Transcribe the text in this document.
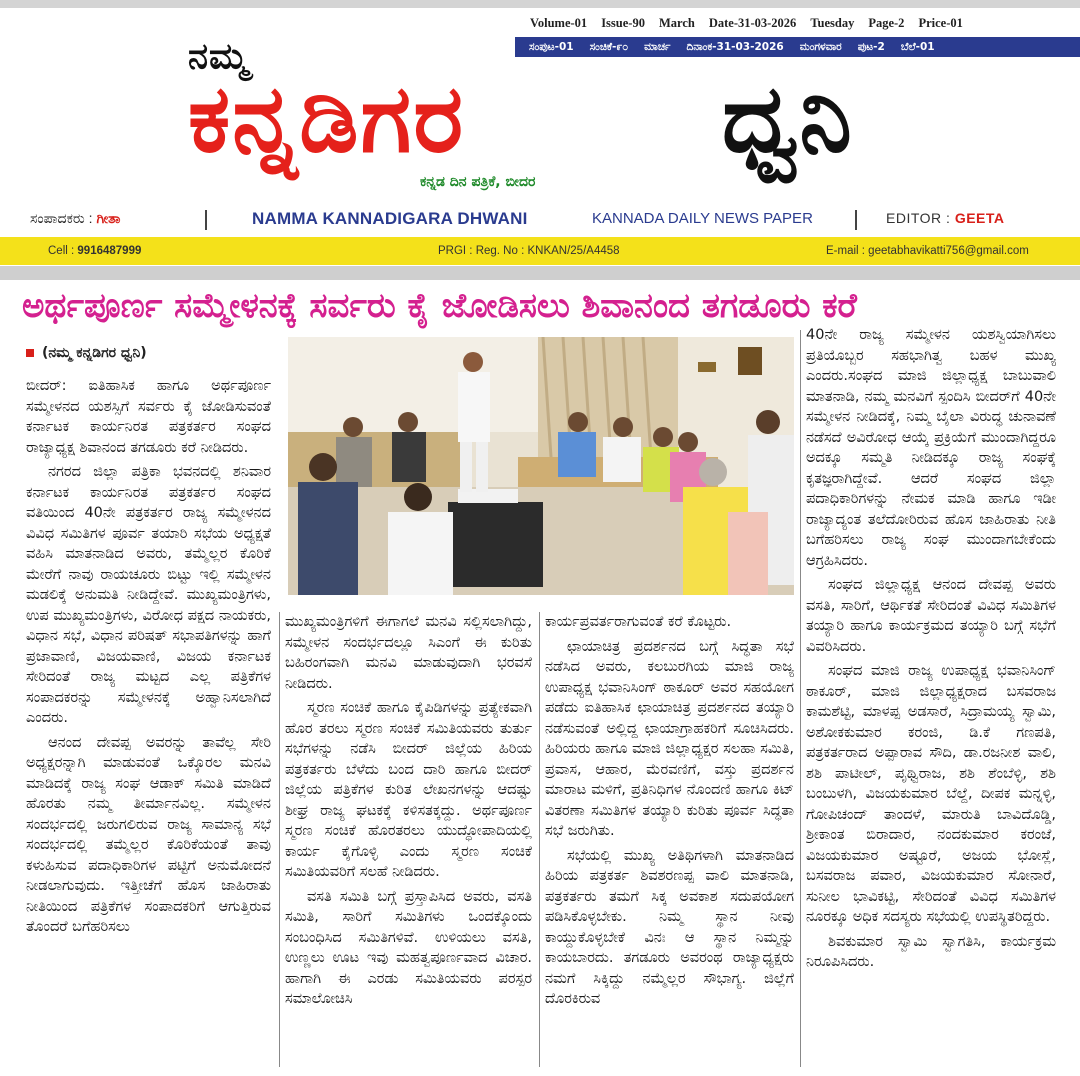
Volume-01 Issue-90 March Date-31-03-2026 Tuesday Page-2 Price-01
ಸಂಪುಟ-01 ಸಂಚಿಕೆ-೯೦ ಮಾರ್ಚ ದಿನಾಂಕ-31-03-2026 ಮಂಗಳವಾರ ಪುಟ-2 ಬೆಲೆ-01
ನಮ್ಮ
ಕನ್ನಡಿಗರ	ಧ್ವನಿ
ಕನ್ನಡ ದಿನ ಪತ್ರಿಕೆ, ಬೀದರ
ಸಂಪಾದಕರು : ಗೀತಾ	NAMMA KANNADIGARA DHWANI	KANNADA DAILY NEWS PAPER	EDITOR : GEETA
Cell : 9916487999	PRGI : Reg. No : KNKAN/25/A4458	E-mail : geetabhavikatti756@gmail.com
ಅರ್ಥಪೂರ್ಣ ಸಮ್ಮೇಳನಕ್ಕೆ ಸರ್ವರು ಕೈ ಜೋಡಿಸಲು ಶಿವಾನಂದ ತಗಡೂರು ಕರೆ
(ನಮ್ಮ ಕನ್ನಡಿಗರ ಧ್ವನಿ)

ಬೀದರ್: ಐತಿಹಾಸಿಕ ಹಾಗೂ ಅರ್ಥಪೂರ್ಣ ಸಮ್ಮೇಳನದ ಯಶಸ್ಸಿಗೆ ಸರ್ವರು ಕೈ ಜೋಡಿಸುವಂತೆ ಕರ್ನಾಟಕ ಕಾರ್ಯನಿರತ ಪತ್ರಕರ್ತರ ಸಂಘದ ರಾಜ್ಯಾಧ್ಯಕ್ಷ ಶಿವಾನಂದ ತಗಡೂರು ಕರೆ ನೀಡಿದರು.

ನಗರದ ಜಿಲ್ಲಾ ಪತ್ರಿಕಾ ಭವನದಲ್ಲಿ ಶನಿವಾರ ಕರ್ನಾಟಕ ಕಾರ್ಯನಿರತ ಪತ್ರಕರ್ತರ ಸಂಘದ ವತಿಯಿಂದ 40ನೇ ಪತ್ರಕರ್ತರ ರಾಜ್ಯ ಸಮ್ಮೇಳನದ ವಿವಿಧ ಸಮಿತಿಗಳ ಪೂರ್ವ ತಯಾರಿ ಸಭೆಯ ಅಧ್ಯಕ್ಷತೆ ವಹಿಸಿ ಮಾತನಾಡಿದ ಅವರು, ತಮ್ಮೆಲ್ಲರ ಕೊರಿಕೆ ಮೇರೆಗೆ ನಾವು ರಾಯಚೂರು ಬಿಟ್ಟು ಇಲ್ಲಿ ಸಮ್ಮೇಳನ ಮಡಲಿಕ್ಕೆ ಅನುಮತಿ ನೀಡಿದ್ದೇವೆ. ಮುಖ್ಯಮಂತ್ರಿಗಳು, ಉಪ ಮುಖ್ಯಮಂತ್ರಿಗಳು, ವಿರೋಧ ಪಕ್ಷದ ನಾಯಕರು, ವಿಧಾನ ಸಭೆ, ವಿಧಾನ ಪರಿಷತ್ ಸಭಾಪತಿಗಳನ್ನು ಹಾಗೆ ಪ್ರಜಾವಾಣಿ, ವಿಜಯವಾಣಿ, ವಿಜಯ ಕರ್ನಾಟಕ ಸೇರಿದಂತೆ ರಾಜ್ಯ ಮಟ್ಟದ ಎಲ್ಲ ಪತ್ರಿಕೆಗಳ ಸಂಪಾದಕರನ್ನು ಸಮ್ಮೇಳನಕ್ಕೆ ಅಹ್ವಾನಿಸಲಾಗಿದೆ ಎಂದರು.

ಆನಂದ ದೇವಪ್ಪ ಅವರನ್ನು ತಾವೆಲ್ಲ ಸೇರಿ ಅಧ್ಯಕ್ಷರನ್ನಾಗಿ ಮಾಡುವಂತೆ ಒಕ್ಕೊರಲ ಮನವಿ ಮಾಡಿದಕ್ಕೆ ರಾಜ್ಯ ಸಂಘ ಆಡಾಕ್ ಸಮಿತಿ ಮಾಡಿದೆ ಹೊರತು ನಮ್ಮ ತೀರ್ಮಾನವಿಲ್ಲ. ಸಮ್ಮೇಳನ ಸಂದರ್ಭದಲ್ಲಿ ಜರುಗಲಿರುವ ರಾಜ್ಯ ಸಾಮಾನ್ಯ ಸಭೆ ಸಂದರ್ಭದಲ್ಲಿ ತಮ್ಮೆಲ್ಲರ ಕೊರಿಕೆಯಂತೆ ತಾವು ಕಳುಹಿಸುವ ಪದಾಧಿಕಾರಿಗಳ ಪಟ್ಟಿಗೆ ಅನುಮೋದನೆ ನೀಡಲಾಗುವುದು. ಇತ್ತೀಚೆಗೆ ಹೊಸ ಜಾಹಿರಾತು ನೀತಿಯಿಂದ ಪತ್ರಿಕೆಗಳ ಸಂಪಾದಕರಿಗೆ ಆಗುತ್ತಿರುವ ತೊಂದರೆ ಬಗೆಹರಿಸಲು

ಮುಖ್ಯಮಂತ್ರಿಗಳಿಗೆ ಈಗಾಗಲೆ ಮನವಿ ಸಲ್ಲಿಸಲಾಗಿದ್ದು, ಸಮ್ಮೇಳನ ಸಂದರ್ಭದಲ್ಲೂ ಸಿಎಂಗೆ ಈ ಕುರಿತು ಬಹಿರಂಗವಾಗಿ ಮನವಿ ಮಾಡುವುದಾಗಿ ಭರವಸೆ ನೀಡಿದರು.

ಸ್ಮರಣ ಸಂಚಿಕೆ ಹಾಗೂ ಕೈಪಿಡಿಗಳನ್ನು ಪ್ರತ್ಯೇಕವಾಗಿ ಹೊರ ತರಲು ಸ್ಮರಣ ಸಂಚಿಕೆ ಸಮಿತಿಯವರು ತುರ್ತು ಸಭೆಗಳನ್ನು ನಡೆಸಿ ಬೀದರ್ ಜಿಲ್ಲೆಯ ಹಿರಿಯ ಪತ್ರಕರ್ತರು ಬೆಳೆದು ಬಂದ ದಾರಿ ಹಾಗೂ ಬೀದರ್ ಜಿಲ್ಲೆಯ ಪತ್ರಿಕೆಗಳ ಕುರಿತ ಲೇಖನಗಳನ್ನು ಆದಷ್ಟು ಶೀಘ್ರ ರಾಜ್ಯ ಘಟಕಕ್ಕೆ ಕಳಿಸತಕ್ಕದ್ದು. ಅರ್ಥಪೂರ್ಣ ಸ್ಮರಣ ಸಂಚಿಕೆ ಹೊರತರಲು ಯುದ್ಧೋಪಾದಿಯಲ್ಲಿ ಕಾರ್ಯ ಕೈಗೊಳ್ಳಿ ಎಂದು ಸ್ಮರಣ ಸಂಚಿಕೆ ಸಮಿತಿಯವರಿಗೆ ಸಲಹೆ ನೀಡಿದರು.

ವಸತಿ ಸಮಿತಿ ಬಗ್ಗೆ ಪ್ರಸ್ತಾಪಿಸಿದ ಅವರು, ವಸತಿ ಸಮಿತಿ, ಸಾರಿಗೆ ಸಮಿತಿಗಳು ಒಂದಕ್ಕೊಂದು ಸಂಬಂಧಿಸಿದ ಸಮಿತಿಗಳಿವೆ. ಉಳಿಯಲು ವಸತಿ, ಉಣ್ಣಲು ಊಟ ಇವು ಮಹತ್ವಪೂರ್ಣವಾದ ವಿಚಾರ. ಹಾಗಾಗಿ ಈ ಎರಡು ಸಮಿತಿಯವರು ಪರಸ್ಪರ ಸಮಾಲೋಚಿಸಿ

ಕಾರ್ಯಪ್ರವರ್ತರಾಗುವಂತೆ ಕರೆ ಕೊಟ್ಟರು.

ಛಾಯಾಚಿತ್ರ ಪ್ರದರ್ಶನದ ಬಗ್ಗೆ ಸಿದ್ಧತಾ ಸಭೆ ನಡೆಸಿದ ಅವರು, ಕಲಬುರಗಿಯ ಮಾಜಿ ರಾಜ್ಯ ಉಪಾಧ್ಯಕ್ಷ ಭವಾನಿಸಿಂಗ್ ಠಾಕೂರ್ ಅವರ ಸಹಯೋಗ ಪಡೆದು ಐತಿಹಾಸಿಕ ಛಾಯಾಚಿತ್ರ ಪ್ರದರ್ಶನದ ತಯ್ಯಾರಿ ನಡೆಸುವಂತೆ ಅಲ್ಲಿದ್ದ ಛಾಯಾಗ್ರಾಹಕರಿಗೆ ಸೂಚಿಸಿದರು. ಹಿರಿಯರು ಹಾಗೂ ಮಾಜಿ ಜಿಲ್ಲಾಧ್ಯಕ್ಷರ ಸಲಹಾ ಸಮಿತಿ, ಪ್ರವಾಸ, ಆಹಾರ, ಮೆರವಣಿಗೆ, ವಸ್ತು ಪ್ರದರ್ಶನ ಮಾರಾಟ ಮಳಿಗೆ, ಪ್ರತಿನಿಧಿಗಳ ನೊಂದಣಿ ಹಾಗೂ ಕಿಟ್ ವಿತರಣಾ ಸಮಿತಿಗಳ ತಯ್ಯಾರಿ ಕುರಿತು ಪೂರ್ವ ಸಿದ್ಧತಾ ಸಭೆ ಜರುಗಿತು.

ಸಭೆಯಲ್ಲಿ ಮುಖ್ಯ ಅತಿಥಿಗಳಾಗಿ ಮಾತನಾಡಿದ ಹಿರಿಯ ಪತ್ರಕರ್ತ ಶಿವಶರಣಪ್ಪ ವಾಲಿ ಮಾತನಾಡಿ, ಪತ್ರಕರ್ತರು ತಮಗೆ ಸಿಕ್ಕ ಅವಕಾಶ ಸದುಪಯೋಗ ಪಡಿಸಿಕೊಳ್ಳಬೇಕು. ನಿಮ್ಮ ಸ್ಥಾನ ನೀವು ಕಾಯ್ದುಕೊಳ್ಳಬೇಕೆ ವಿನಃ ಆ ಸ್ಥಾನ ನಿಮ್ಮನ್ನು ಕಾಯಬಾರದು. ತಗಡೂರು ಅವರಂಥ ರಾಜ್ಯಾಧ್ಯಕ್ಷರು ನಮಗೆ ಸಿಕ್ಕಿದ್ದು ನಮ್ಮೆಲ್ಲರ ಸೌಭಾಗ್ಯ. ಜಿಲ್ಲೆಗೆ ದೊರಕಿರುವ

40ನೇ ರಾಜ್ಯ ಸಮ್ಮೇಳನ ಯಶಸ್ವಿಯಾಗಿಸಲು ಪ್ರತಿಯೊಬ್ಬರ ಸಹಭಾಗಿತ್ವ ಬಹಳ ಮುಖ್ಯ ಎಂದರು.ಸಂಘದ ಮಾಜಿ ಜಿಲ್ಲಾಧ್ಯಕ್ಷ ಬಾಬುವಾಲಿ ಮಾತನಾಡಿ, ನಮ್ಮ ಮನವಿಗೆ ಸ್ಪಂದಿಸಿ ಬೀದರ್‌ಗೆ 40ನೇ ಸಮ್ಮೇಳನ ನೀಡಿದಕ್ಕೆ, ನಿಮ್ಮ ಬೈಲಾ ವಿರುದ್ಧ ಚುನಾವಣೆ ನಡೆಸದೆ ಅವಿರೋಧ ಆಯ್ಕೆ ಪ್ರಕ್ರಿಯೆಗೆ ಮುಂದಾಗಿದ್ದರೂ ಅದಕ್ಕೂ ಸಮ್ಮತಿ ನೀಡಿದಕ್ಕೂ ರಾಜ್ಯ ಸಂಘಕ್ಕೆ ಕೃತಜ್ಞರಾಗಿದ್ದೇವೆ. ಆದರೆ ಸಂಘದ ಜಿಲ್ಲಾ ಪದಾಧಿಕಾರಿಗಳನ್ನು ನೇಮಕ ಮಾಡಿ ಹಾಗೂ ಇಡೀ ರಾಜ್ಯಾದ್ಯಂತ ತಲೆದೋರಿರುವ ಹೊಸ ಜಾಹಿರಾತು ನೀತಿ ಬಗೆಹರಿಸಲು ರಾಜ್ಯ ಸಂಘ ಮುಂದಾಗಬೇಕೆಂದು ಆಗ್ರಹಿಸಿದರು.

ಸಂಘದ ಜಿಲ್ಲಾಧ್ಯಕ್ಷ ಆನಂದ ದೇವಪ್ಪ ಅವರು ವಸತಿ, ಸಾರಿಗೆ, ಆರ್ಥಿಕತೆ ಸೇರಿದಂತೆ ವಿವಿಧ ಸಮಿತಿಗಳ ತಯ್ಯಾರಿ ಹಾಗೂ ಕಾರ್ಯಕ್ರಮದ ತಯ್ಯಾರಿ ಬಗ್ಗೆ ಸಭೆಗೆ ವಿವರಿಸಿದರು.

ಸಂಘದ ಮಾಜಿ ರಾಜ್ಯ ಉಪಾಧ್ಯಕ್ಷ ಭವಾನಿಸಿಂಗ್ ಠಾಕೂರ್, ಮಾಜಿ ಜಿಲ್ಲಾಧ್ಯಕ್ಷರಾದ ಬಸವರಾಜ ಕಾಮಶೆಟ್ಟಿ, ಮಾಳಪ್ಪ ಅಡಸಾರೆ, ಸಿದ್ರಾಮಯ್ಯ ಸ್ವಾಮಿ, ಅಶೋಕಕುಮಾರ ಕರಂಜಿ, ಡಿ.ಕೆ ಗಣಪತಿ, ಪತ್ರಕರ್ತರಾದ ಅಪ್ಪಾರಾವ ಸೌದಿ, ಡಾ.ರಜನೀಶ ವಾಲಿ, ಶಶಿ ಪಾಟೀಲ್, ಪೃಥ್ವಿರಾಜ, ಶಶಿ ಶೆಂಬೆಳ್ಳಿ, ಶಶಿ ಬಂಬುಳಗಿ, ವಿಜಯಕುಮಾರ ಬೆಲ್ದೆ, ದೀಪಕ ಮನ್ನಳ್ಳಿ, ಗೋಪಿಚಂದ್ ತಾಂದಳೆ, ಮಾರುತಿ ಬಾವಿದೊಡ್ಡಿ, ಶ್ರೀಕಾಂತ ಬಿರಾದಾರ, ನಂದಕುಮಾರ ಕರಂಜೆ, ವಿಜಯಕುಮಾರ ಅಷ್ಟೂರೆ, ಅಜಯ ಭೋಸ್ಲೆ, ಬಸವರಾಜ ಪವಾರ, ವಿಜಯಕುಮಾರ ಸೋನಾರೆ, ಸುನೀಲ ಭಾವಿಕಟ್ಟಿ, ಸೇರಿದಂತೆ ವಿವಿಧ ಸಮಿತಿಗಳ ನೂರಕ್ಕೂ ಅಧಿಕ ಸದಸ್ಯರು ಸಭೆಯಲ್ಲಿ ಉಪಸ್ಥಿತರಿದ್ದರು.

ಶಿವಕುಮಾರ ಸ್ವಾಮಿ ಸ್ವಾಗತಿಸಿ, ಕಾರ್ಯಕ್ರಮ ನಿರೂಪಿಸಿದರು.
